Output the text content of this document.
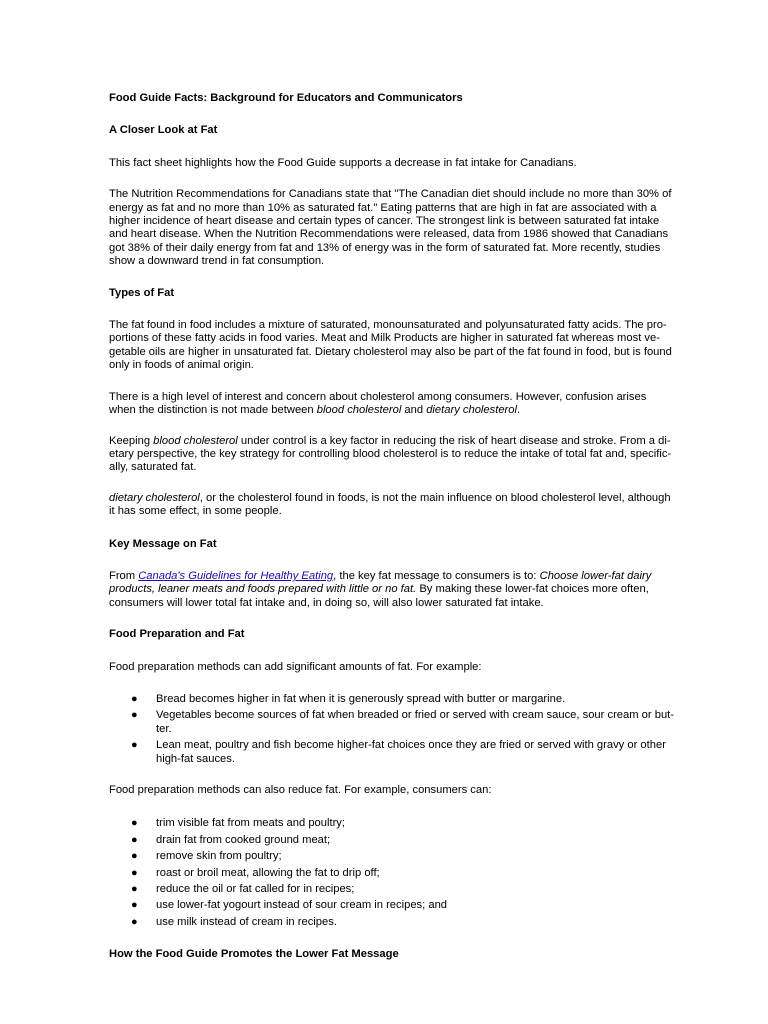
Food Guide Facts: Background for Educators and Communicators

A Closer Look at Fat

This fact sheet highlights how the Food Guide supports a decrease in fat intake for Canadians.

The Nutrition Recommendations for Canadians state that "The Canadian diet should include no more than 30% of
energy as fat and no more than 10% as saturated fat." Eating patterns that are high in fat are associated with a
higher incidence of heart disease and certain types of cancer. The strongest link is between saturated fat intake
and heart disease. When the Nutrition Recommendations were released, data from 1986 showed that Canadians
got 38% of their daily energy from fat and 13% of energy was in the form of saturated fat. More recently, studies
show a downward trend in fat consumption.

Types of Fat

The fat found in food includes a mixture of saturated, monounsaturated and polyunsaturated fatty acids. The pro-
portions of these fatty acids in food varies. Meat and Milk Products are higher in saturated fat whereas most ve-
getable oils are higher in unsaturated fat. Dietary cholesterol may also be part of the fat found in food, but is found
only in foods of animal origin.
There is a high level of interest and concern about cholesterol among consumers. However, confusion arises
when the distinction is not made between blood cholesterol and dietary cholesterol.
Keeping blood cholesterol under control is a key factor in reducing the risk of heart disease and stroke. From a di-
etary perspective, the key strategy for controlling blood cholesterol is to reduce the intake of total fat and, specific-
ally, saturated fat.
dietary cholesterol, or the cholesterol found in foods, is not the main influence on blood cholesterol level, although
it has some effect, in some people.

Key Message on Fat

From Canada's Guidelines for Healthy Eating, the key fat message to consumers is to: Choose lower-fat dairy
products, leaner meats and foods prepared with little or no fat. By making these lower-fat choices more often,
consumers will lower total fat intake and, in doing so, will also lower saturated fat intake.

Food Preparation and Fat

Food preparation methods can add significant amounts of fat. For example:

● Bread becomes higher in fat when it is generously spread with butter or margarine.
● Vegetables become sources of fat when breaded or fried or served with cream sauce, sour cream or but-
ter.
● Lean meat, poultry and fish become higher-fat choices once they are fried or served with gravy or other
high-fat sauces.

Food preparation methods can also reduce fat. For example, consumers can:

● trim visible fat from meats and poultry;
● drain fat from cooked ground meat;
● remove skin from poultry;
● roast or broil meat, allowing the fat to drip off;
● reduce the oil or fat called for in recipes;
● use lower-fat yogourt instead of sour cream in recipes; and
● use milk instead of cream in recipes.

How the Food Guide Promotes the Lower Fat Message
